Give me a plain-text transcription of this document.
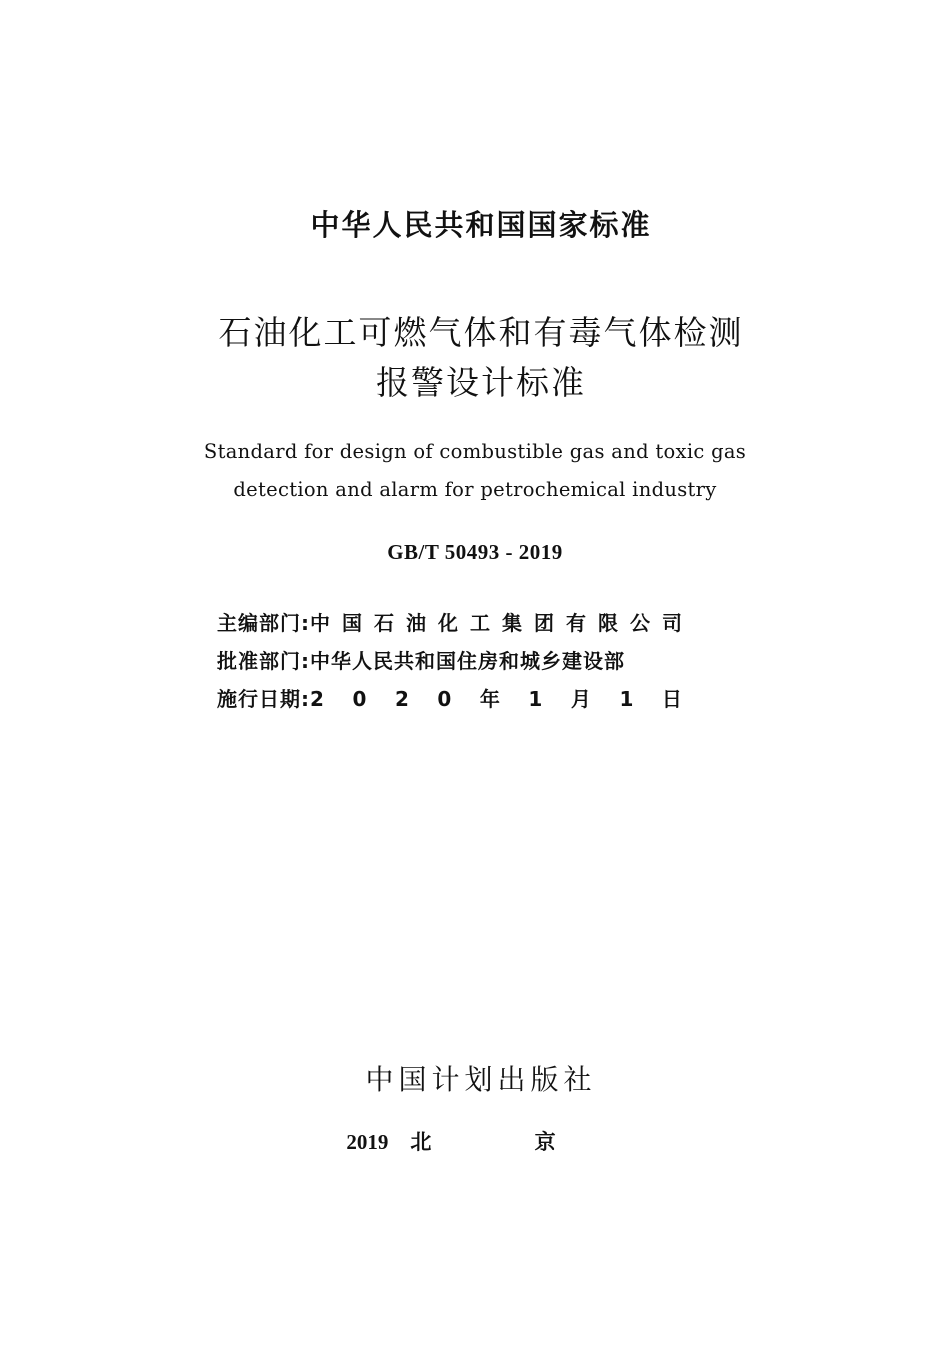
中华人民共和国国家标准
石油化工可燃气体和有毒气体检测
报警设计标准
Standard for design of combustible gas and toxic gas
detection and alarm for petrochemical industry
GB/T 50493 - 2019
主编部门: 中 国 石 油 化 工 集 团 有 限 公 司
批准部门: 中华人民共和国住房和城乡建设部
施行日期: 2 0 2 0 年 1 月 1 日
中国计划出版社
2019 北 京
